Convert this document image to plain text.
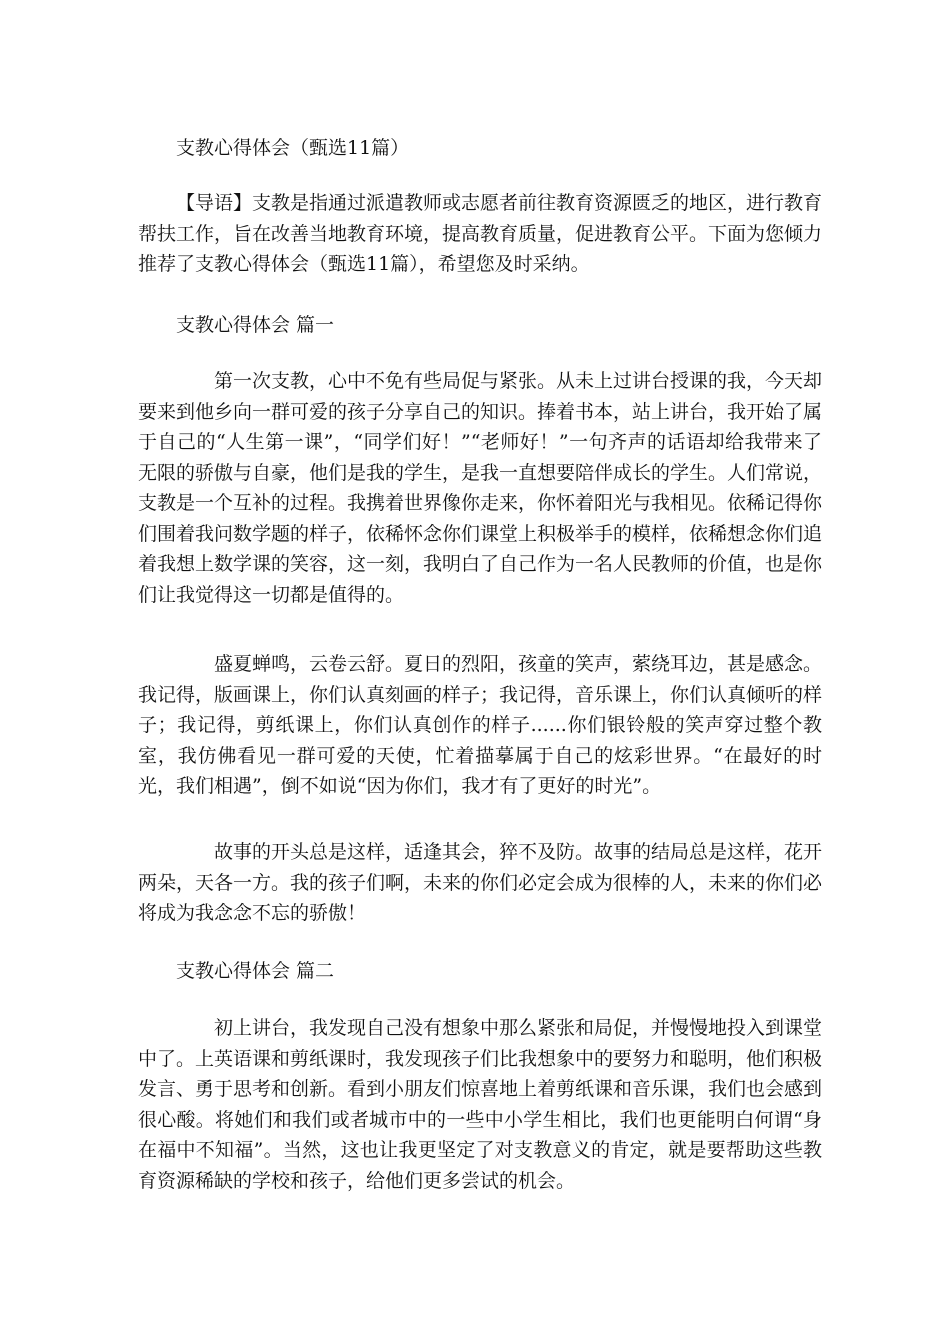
支教心得体会（甄选11篇）

【导语】支教是指通过派遣教师或志愿者前往教育资源匮乏的地区，进行教育帮扶工作，旨在改善当地教育环境，提高教育质量，促进教育公平。下面为您倾力推荐了支教心得体会（甄选11篇），希望您及时采纳。

支教心得体会 篇一

第一次支教，心中不免有些局促与紧张。从未上过讲台授课的我，今天却要来到他乡向一群可爱的孩子分享自己的知识。捧着书本，站上讲台，我开始了属于自己的“人生第一课”，“同学们好！”“老师好！”一句齐声的话语却给我带来了无限的骄傲与自豪，他们是我的学生，是我一直想要陪伴成长的学生。人们常说，支教是一个互补的过程。我携着世界像你走来，你怀着阳光与我相见。依稀记得你们围着我问数学题的样子，依稀怀念你们课堂上积极举手的模样，依稀想念你们追着我想上数学课的笑容，这一刻，我明白了自己作为一名人民教师的价值，也是你们让我觉得这一切都是值得的。

盛夏蝉鸣，云卷云舒。夏日的烈阳，孩童的笑声，萦绕耳边，甚是感念。我记得，版画课上，你们认真刻画的样子；我记得，音乐课上，你们认真倾听的样子；我记得，剪纸课上，你们认真创作的样子......你们银铃般的笑声穿过整个教室，我仿佛看见一群可爱的天使，忙着描摹属于自己的炫彩世界。“在最好的时光，我们相遇”，倒不如说“因为你们，我才有了更好的时光”。

故事的开头总是这样，适逢其会，猝不及防。故事的结局总是这样，花开两朵，天各一方。我的孩子们啊，未来的你们必定会成为很棒的人，未来的你们必将成为我念念不忘的骄傲！

支教心得体会 篇二

初上讲台，我发现自己没有想象中那么紧张和局促，并慢慢地投入到课堂中了。上英语课和剪纸课时，我发现孩子们比我想象中的要努力和聪明，他们积极发言、勇于思考和创新。看到小朋友们惊喜地上着剪纸课和音乐课，我们也会感到很心酸。将她们和我们或者城市中的一些中小学生相比，我们也更能明白何谓“身在福中不知福”。当然，这也让我更坚定了对支教意义的肯定，就是要帮助这些教育资源稀缺的学校和孩子，给他们更多尝试的机会。
